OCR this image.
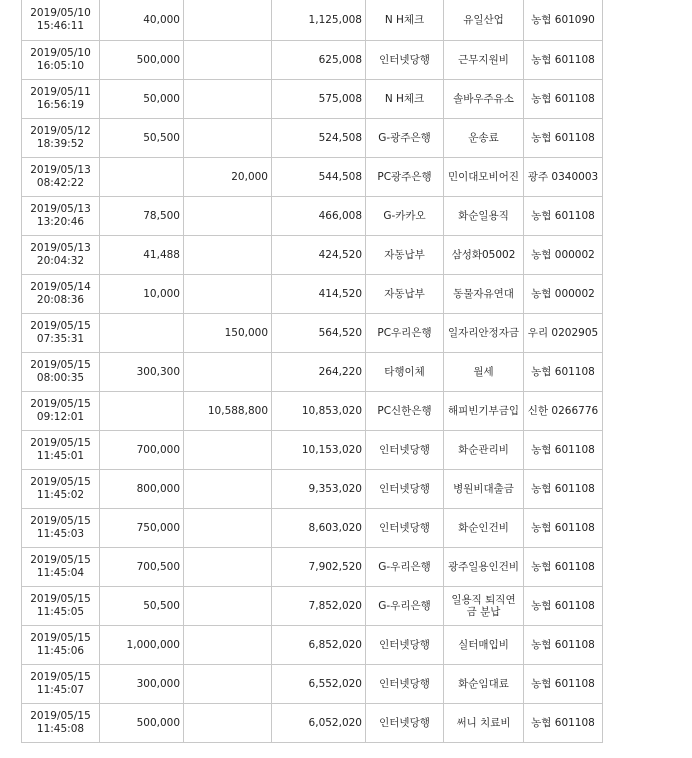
2019/05/10
15:46:11	40,000		1,125,008	N H체크	유일산업	농협 601090

2019/05/10
16:05:10	500,000		625,008	인터넷당행	근무지원비	농협 601108

2019/05/11
16:56:19	50,000		575,008	N H체크	솔바우주유소	농협 601108

2019/05/12
18:39:52	50,500		524,508	G-광주은행	운송료	농협 601108

2019/05/13
08:42:22		20,000	544,508	PC광주은행	민이대모비어진	광주 0340003

2019/05/13
13:20:46	78,500		466,008	G-카카오	화순일용직	농협 601108

2019/05/13
20:04:32	41,488		424,520	자동납부	삼성화05002	농협 000002

2019/05/14
20:08:36	10,000		414,520	자동납부	동물자유연대	농협 000002

2019/05/15
07:35:31		150,000	564,520	PC우리은행	일자리안정자금	우리 0202905

2019/05/15
08:00:35	300,300		264,220	타행이체	월세	농협 601108

2019/05/15
09:12:01		10,588,800	10,853,020	PC신한은행	해피빈기부금입	신한 0266776

2019/05/15
11:45:01	700,000		10,153,020	인터넷당행	화순관리비	농협 601108

2019/05/15
11:45:02	800,000		9,353,020	인터넷당행	병원비대출금	농협 601108

2019/05/15
11:45:03	750,000		8,603,020	인터넷당행	화순인건비	농협 601108

2019/05/15
11:45:04	700,500		7,902,520	G-우리은행	광주일용인건비	농협 601108

2019/05/15
11:45:05	50,500		7,852,020	G-우리은행	일용직 퇴직연금 분납	농협 601108

2019/05/15
11:45:06	1,000,000		6,852,020	인터넷당행	실터매입비	농협 601108

2019/05/15
11:45:07	300,000		6,552,020	인터넷당행	화순임대료	농협 601108

2019/05/15
11:45:08	500,000		6,052,020	인터넷당행	써니 치료비	농협 601108
